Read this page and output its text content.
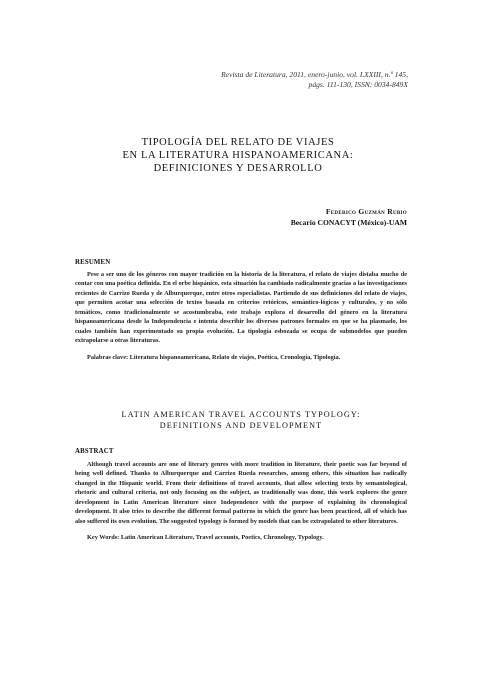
Revista de Literatura, 2011, enero-junio, vol. LXXIII, n.º 145,
págs. 111-130, ISSN: 0034-849X
TIPOLOGÍA DEL RELATO DE VIAJES
EN LA LITERATURA HISPANOAMERICANA:
DEFINICIONES Y DESARROLLO
Federico Guzmán Rubio
Becario CONACYT (México)-UAM
RESUMEN

Pese a ser uno de los géneros con mayor tradición en la historia de la literatura, el relato de viajes distaba mucho de contar con una poética definida. En el orbe hispánico, esta situación ha cambiado radicalmente gracias a las investigaciones recientes de Carrizo Rueda y de Alburquerque, entre otros especialistas. Partiendo de sus definiciones del relato de viajes, que permiten acotar una selección de textos basada en criterios retóricos, semántico-lógicos y culturales, y no sólo temáticos, como tradicionalmente se acostumbraba, este trabajo explora el desarrollo del género en la literatura hispanoamericana desde la Independencia e intenta describir los diversos patrones formales en que se ha plasmado, los cuales también han experimentado su propia evolución. La tipología esbozada se ocupa de submodelos que pueden extrapolarse a otras literaturas.

Palabras clave: Literatura hispanoamericana, Relato de viajes, Poética, Cronología, Tipología.

LATIN AMERICAN TRAVEL ACCOUNTS TYPOLOGY:
DEFINITIONS AND DEVELOPMENT
ABSTRACT

Although travel accounts are one of literary genres with more tradition in literature, their poetic was far beyond of being well defined. Thanks to Alburquerque and Carrizo Rueda researches, among others, this situation has radically changed in the Hispanic world. From their definitions of travel accounts, that allow selecting texts by semantological, rhetoric and cultural criteria, not only focusing on the subject, as traditionally was done, this work explores the genre development in Latin American literature since Independence with the purpose of explaining its chronological development. It also tries to describe the different formal patterns in which the genre has been practiced, all of which has also suffered its own evolution. The suggested typology is formed by models that can be extrapolated to other literatures.

Key Words: Latin American Literature, Travel accounts, Poetics, Chronology, Typology.
